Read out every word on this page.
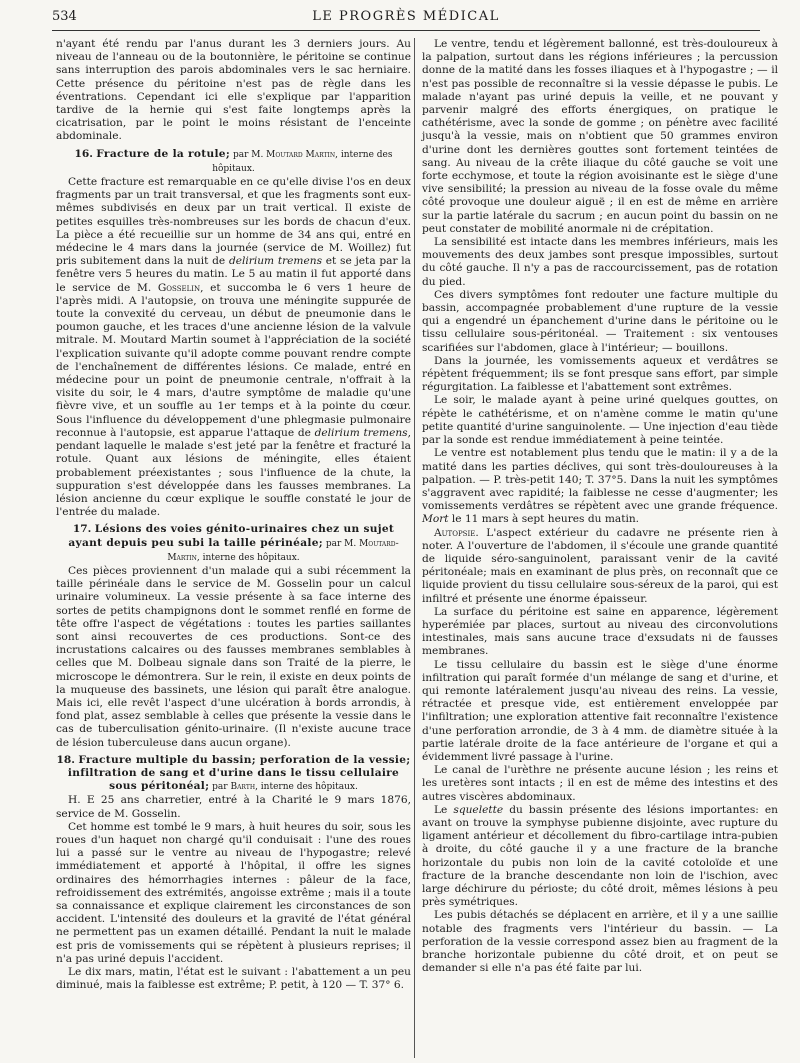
534	LE PROGRÈS MÉDICAL

n'ayant été rendu par l'anus durant les 3 derniers jours. Au niveau de l'anneau ou de la boutonnière, le péritoine se continue sans interruption des parois abdominales vers le sac herniaire. Cette présence du péritoine n'est pas de règle dans les éventrations. Cependant ici elle s'explique par l'apparition tardive de la hernie qui s'est faite longtemps après la cicatrisation, par le point le moins résistant de l'enceinte abdominale.

16. Fracture de la rotule; par M. Moutard Martin, interne des hôpitaux.

Cette fracture est remarquable en ce qu'elle divise l'os en deux fragments par un trait transversal, et que les fragments sont eux-mêmes subdivisés en deux par un trait vertical. Il existe de petites esquilles très-nombreuses sur les bords de chacun d'eux. La pièce a été recueillie sur un homme de 34 ans qui, entré en médecine le 4 mars dans la journée (service de M. Woillez) fut pris subitement dans la nuit de delirium tremens et se jeta par la fenêtre vers 5 heures du matin. Le 5 au matin il fut apporté dans le service de M. Gosselin, et succomba le 6 vers 1 heure de l'après midi. A l'autopsie, on trouva une méningite suppurée de toute la convexité du cerveau, un début de pneumonie dans le poumon gauche, et les traces d'une ancienne lésion de la valvule mitrale. M. Moutard Martin soumet à l'appréciation de la société l'explication suivante qu'il adopte comme pouvant rendre compte de l'enchaînement de différentes lésions. Ce malade, entré en médecine pour un point de pneumonie centrale, n'offrait à la visite du soir, le 4 mars, d'autre symptôme de maladie qu'une fièvre vive, et un souffle au 1er temps et à la pointe du cœur. Sous l'influence du développement d'une phlegmasie pulmonaire reconnue à l'autopsie, est apparue l'attaque de delirium tremens, pendant laquelle le malade s'est jeté par la fenêtre et fracturé la rotule. Quant aux lésions de méningite, elles étaient probablement préexistantes ; sous l'influence de la chute, la suppuration s'est développée dans les fausses membranes. La lésion ancienne du cœur explique le souffle constaté le jour de l'entrée du malade.

17. Lésions des voies génito-urinaires chez un sujet ayant depuis peu subi la taille périnéale; par M. Moutard-Martin, interne des hôpitaux.

Ces pièces proviennent d'un malade qui a subi récemment la taille périnéale dans le service de M. Gosselin pour un calcul urinaire volumineux. La vessie présente à sa face interne des sortes de petits champignons dont le sommet renflé en forme de tête offre l'aspect de végétations : toutes les parties saillantes sont ainsi recouvertes de ces productions. Sont-ce des incrustations calcaires ou des fausses membranes semblables à celles que M. Dolbeau signale dans son Traité de la pierre, le microscope le démontrera. Sur le rein, il existe en deux points de la muqueuse des bassinets, une lésion qui paraît être analogue. Mais ici, elle revêt l'aspect d'une ulcération à bords arrondis, à fond plat, assez semblable à celles que présente la vessie dans le cas de tuberculisation génito-urinaire. (Il n'existe aucune trace de lésion tuberculeuse dans aucun organe).

18. Fracture multiple du bassin; perforation de la vessie; infiltration de sang et d'urine dans le tissu cellulaire sous péritonéal; par Barth, interne des hôpitaux.

H. E 25 ans charretier, entré à la Charité le 9 mars 1876, service de M. Gosselin.

Cet homme est tombé le 9 mars, à huit heures du soir, sous les roues d'un haquet non chargé qu'il conduisait : l'une des roues lui a passé sur le ventre au niveau de l'hypogastre; relevé immédiatement et apporté à l'hôpital, il offre les signes ordinaires des hémorrhagies internes : pâleur de la face, refroidissement des extrémités, angoisse extrême ; mais il a toute sa connaissance et explique clairement les circonstances de son accident. L'intensité des douleurs et la gravité de l'état général ne permettent pas un examen détaillé. Pendant la nuit le malade est pris de vomissements qui se répètent à plusieurs reprises; il n'a pas uriné depuis l'accident.

Le dix mars, matin, l'état est le suivant : l'abattement a un peu diminué, mais la faiblesse est extrême; P. petit, à 120 — T. 37° 6.

Le ventre, tendu et légèrement ballonné, est très-douloureux à la palpation, surtout dans les régions inférieures ; la percussion donne de la matité dans les fosses iliaques et à l'hypogastre ; — il n'est pas possible de reconnaître si la vessie dépasse le pubis. Le malade n'ayant pas uriné depuis la veille, et ne pouvant y parvenir malgré des efforts énergiques, on pratique le cathétérisme, avec la sonde de gomme ; on pénètre avec facilité jusqu'à la vessie, mais on n'obtient que 50 grammes environ d'urine dont les dernières gouttes sont fortement teintées de sang. Au niveau de la crête iliaque du côté gauche se voit une forte ecchymose, et toute la région avoisinante est le siège d'une vive sensibilité; la pression au niveau de la fosse ovale du même côté provoque une douleur aiguë ; il en est de même en arrière sur la partie latérale du sacrum ; en aucun point du bassin on ne peut constater de mobilité anormale ni de crépitation.

La sensibilité est intacte dans les membres inférieurs, mais les mouvements des deux jambes sont presque impossibles, surtout du côté gauche. Il n'y a pas de raccourcissement, pas de rotation du pied.

Ces divers symptômes font redouter une facture multiple du bassin, accompagnée probablement d'une rupture de la vessie qui a engendré un épanchement d'urine dans le péritoine ou le tissu cellulaire sous-péritonéal. — Traitement : six ventouses scarifiées sur l'abdomen, glace à l'intérieur; — bouillons.

Dans la journée, les vomissements aqueux et verdâtres se répètent fréquemment; ils se font presque sans effort, par simple régurgitation. La faiblesse et l'abattement sont extrêmes.

Le soir, le malade ayant à peine uriné quelques gouttes, on répète le cathétérisme, et on n'amène comme le matin qu'une petite quantité d'urine sanguinolente. — Une injection d'eau tiède par la sonde est rendue immédiatement à peine teintée.

Le ventre est notablement plus tendu que le matin: il y a de la matité dans les parties déclives, qui sont très-douloureuses à la palpation. — P. très-petit 140; T. 37°5. Dans la nuit les symptômes s'aggravent avec rapidité; la faiblesse ne cesse d'augmenter; les vomissements verdâtres se répètent avec une grande fréquence. Mort le 11 mars à sept heures du matin.

Autopsie. L'aspect extérieur du cadavre ne présente rien à noter. A l'ouverture de l'abdomen, il s'écoule une grande quantité de liquide séro-sanguinolent, paraissant venir de la cavité péritonéale; mais en examinant de plus près, on reconnaît que ce liquide provient du tissu cellulaire sous-séreux de la paroi, qui est infiltré et présente une énorme épaisseur.

La surface du péritoine est saine en apparence, légèrement hyperémiée par places, surtout au niveau des circonvolutions intestinales, mais sans aucune trace d'exsudats ni de fausses membranes.

Le tissu cellulaire du bassin est le siège d'une énorme infiltration qui paraît formée d'un mélange de sang et d'urine, et qui remonte latéralement jusqu'au niveau des reins. La vessie, rétractée et presque vide, est entièrement enveloppée par l'infiltration; une exploration attentive fait reconnaître l'existence d'une perforation arrondie, de 3 à 4 mm. de diamètre située à la partie latérale droite de la face antérieure de l'organe et qui a évidemment livré passage à l'urine.

Le canal de l'urèthre ne présente aucune lésion ; les reins et les uretères sont intacts ; il en est de même des intestins et des autres viscères abdominaux.

Le squelette du bassin présente des lésions importantes: en avant on trouve la symphyse pubienne disjointe, avec rupture du ligament antérieur et décollement du fibro-cartilage intra-pubien à droite, du côté gauche il y a une fracture de la branche horizontale du pubis non loin de la cavité cotoloïde et une fracture de la branche descendante non loin de l'ischion, avec large déchirure du périoste; du côté droit, mêmes lésions à peu près symétriques.

Les pubis détachés se déplacent en arrière, et il y a une saillie notable des fragments vers l'intérieur du bassin. — La perforation de la vessie correspond assez bien au fragment de la branche horizontale pubienne du côté droit, et on peut se demander si elle n'a pas été faite par lui.
